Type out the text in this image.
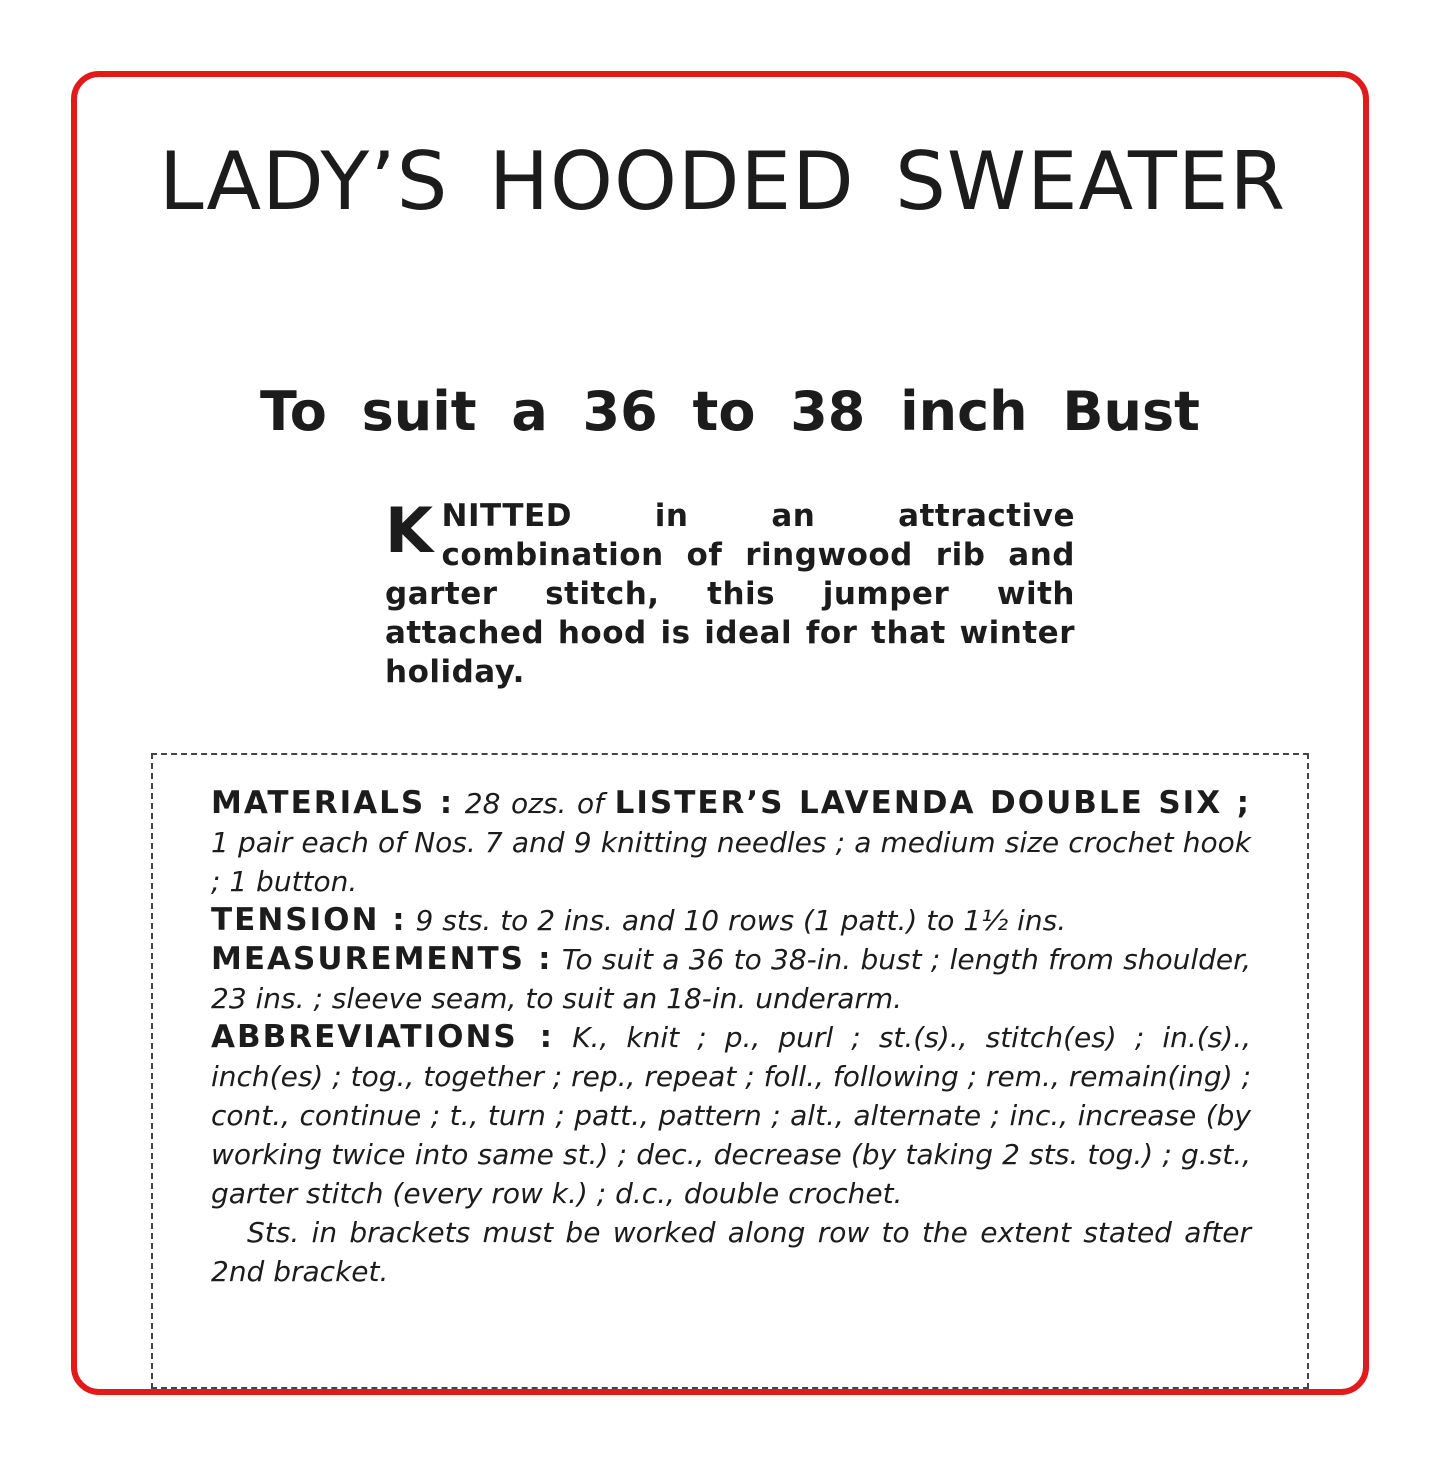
LADY’S HOODED SWEATER
To suit a 36 to 38 inch Bust

KNITTED in an attractive combination of ringwood rib and garter stitch, this jumper with attached hood is ideal for that winter holiday.

MATERIALS : 28 ozs. of LISTER’S LAVENDA DOUBLE SIX ; 1 pair each of Nos. 7 and 9 knitting needles ; a medium size crochet hook ; 1 button.

TENSION : 9 sts. to 2 ins. and 10 rows (1 patt.) to 1½ ins.

MEASUREMENTS : To suit a 36 to 38-in. bust ; length from shoulder, 23 ins. ; sleeve seam, to suit an 18-in. underarm.

ABBREVIATIONS : K., knit ; p., purl ; st.(s)., stitch(es) ; in.(s)., inch(es) ; tog., together ; rep., repeat ; foll., following ; rem., remain(ing) ; cont., continue ; t., turn ; patt., pattern ; alt., alternate ; inc., increase (by working twice into same st.) ; dec., decrease (by taking 2 sts. tog.) ; g.st., garter stitch (every row k.) ; d.c., double crochet.

Sts. in brackets must be worked along row to the extent stated after 2nd bracket.
